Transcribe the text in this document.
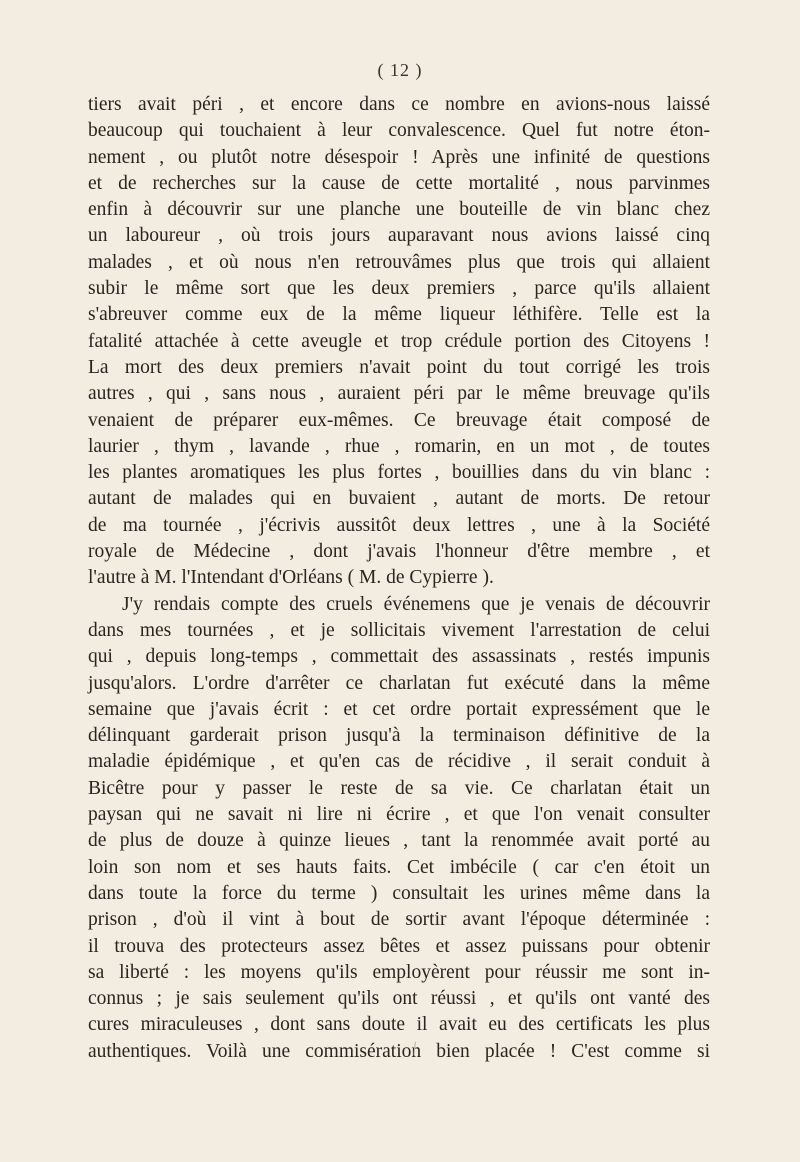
( 12 )
tiers avait péri , et encore dans ce nombre en avions-nous laissé
beaucoup qui touchaient à leur convalescence. Quel fut notre éton-
nement , ou plutôt notre désespoir ! Après une infinité de questions
et de recherches sur la cause de cette mortalité , nous parvinmes
enfin à découvrir sur une planche une bouteille de vin blanc chez
un laboureur , où trois jours auparavant nous avions laissé cinq
malades , et où nous n'en retrouvâmes plus que trois qui allaient
subir le même sort que les deux premiers , parce qu'ils allaient
s'abreuver comme eux de la même liqueur léthifère. Telle est la
fatalité attachée à cette aveugle et trop crédule portion des Citoyens !
La mort des deux premiers n'avait point du tout corrigé les trois
autres , qui , sans nous , auraient péri par le même breuvage qu'ils
venaient de préparer eux-mêmes. Ce breuvage était composé de
laurier , thym , lavande , rhue , romarin, en un mot , de toutes
les plantes aromatiques les plus fortes , bouillies dans du vin blanc :
autant de malades qui en buvaient , autant de morts. De retour
de ma tournée , j'écrivis aussitôt deux lettres , une à la Société
royale de Médecine , dont j'avais l'honneur d'être membre , et
l'autre à M. l'Intendant d'Orléans ( M. de Cypierre ).
J'y rendais compte des cruels événemens que je venais de découvrir
dans mes tournées , et je sollicitais vivement l'arrestation de celui
qui , depuis long-temps , commettait des assassinats , restés impunis
jusqu'alors. L'ordre d'arrêter ce charlatan fut exécuté dans la même
semaine que j'avais écrit : et cet ordre portait expressément que le
délinquant garderait prison jusqu'à la terminaison définitive de la
maladie épidémique , et qu'en cas de récidive , il serait conduit à
Bicêtre pour y passer le reste de sa vie. Ce charlatan était un
paysan qui ne savait ni lire ni écrire , et que l'on venait consulter
de plus de douze à quinze lieues , tant la renommée avait porté au
loin son nom et ses hauts faits. Cet imbécile ( car c'en étoit un
dans toute la force du terme ) consultait les urines même dans la
prison , d'où il vint à bout de sortir avant l'époque déterminée :
il trouva des protecteurs assez bêtes et assez puissans pour obtenir
sa liberté : les moyens qu'ils employèrent pour réussir me sont in-
connus ; je sais seulement qu'ils ont réussi , et qu'ils ont vanté des
cures miraculeuses , dont sans doute il avait eu des certificats les plus
authentiques. Voilà une commisération bien placée ! C'est comme si
